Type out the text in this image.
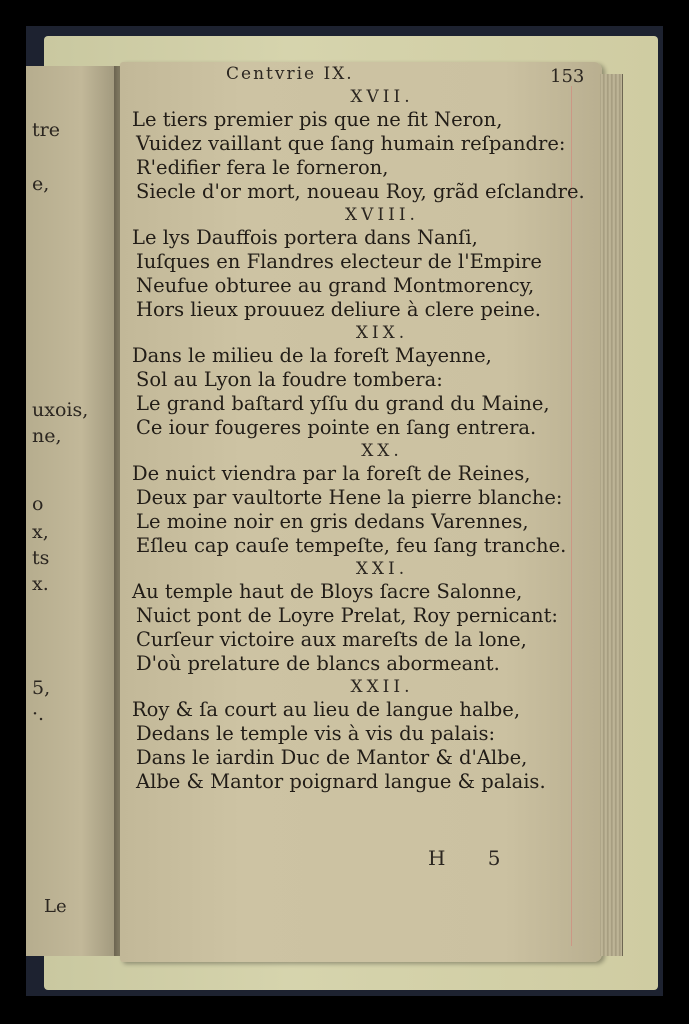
Le
tre
e,
uxois,
ne,
o
x,
ts
x.
5,
·.
Centvrie IX.	153
XVII.
Le tiers premier pis que ne fit Neron,
Vuidez vaillant que ſang humain reſpandre:
R'edifier fera le forneron,
Siecle d'or mort, noueau Roy, grãd eſclandre.
XVIII.
Le lys Dauffois portera dans Nanſi,
Iuſques en Flandres electeur de l'Empire
Neufue obturee au grand Montmorency,
Hors lieux prouuez deliure à clere peine.
XIX.
Dans le milieu de la foreſt Mayenne,
Sol au Lyon la foudre tombera:
Le grand baſtard yſſu du grand du Maine,
Ce iour fougeres pointe en ſang entrera.
XX.
De nuict viendra par la foreſt de Reines,
Deux par vaultorte Hene la pierre blanche:
Le moine noir en gris dedans Varennes,
Eſleu cap cauſe tempeſte, feu ſang tranche.
XXI.
Au temple haut de Bloys ſacre Salonne,
Nuict pont de Loyre Prelat, Roy pernicant:
Curſeur victoire aux mareſts de la lone,
D'où prelature de blancs abormeant.
XXII.
Roy & ſa court au lieu de langue halbe,
Dedans le temple vis à vis du palais:
Dans le iardin Duc de Mantor & d'Albe,
Albe & Mantor poignard langue & palais.
H 5
